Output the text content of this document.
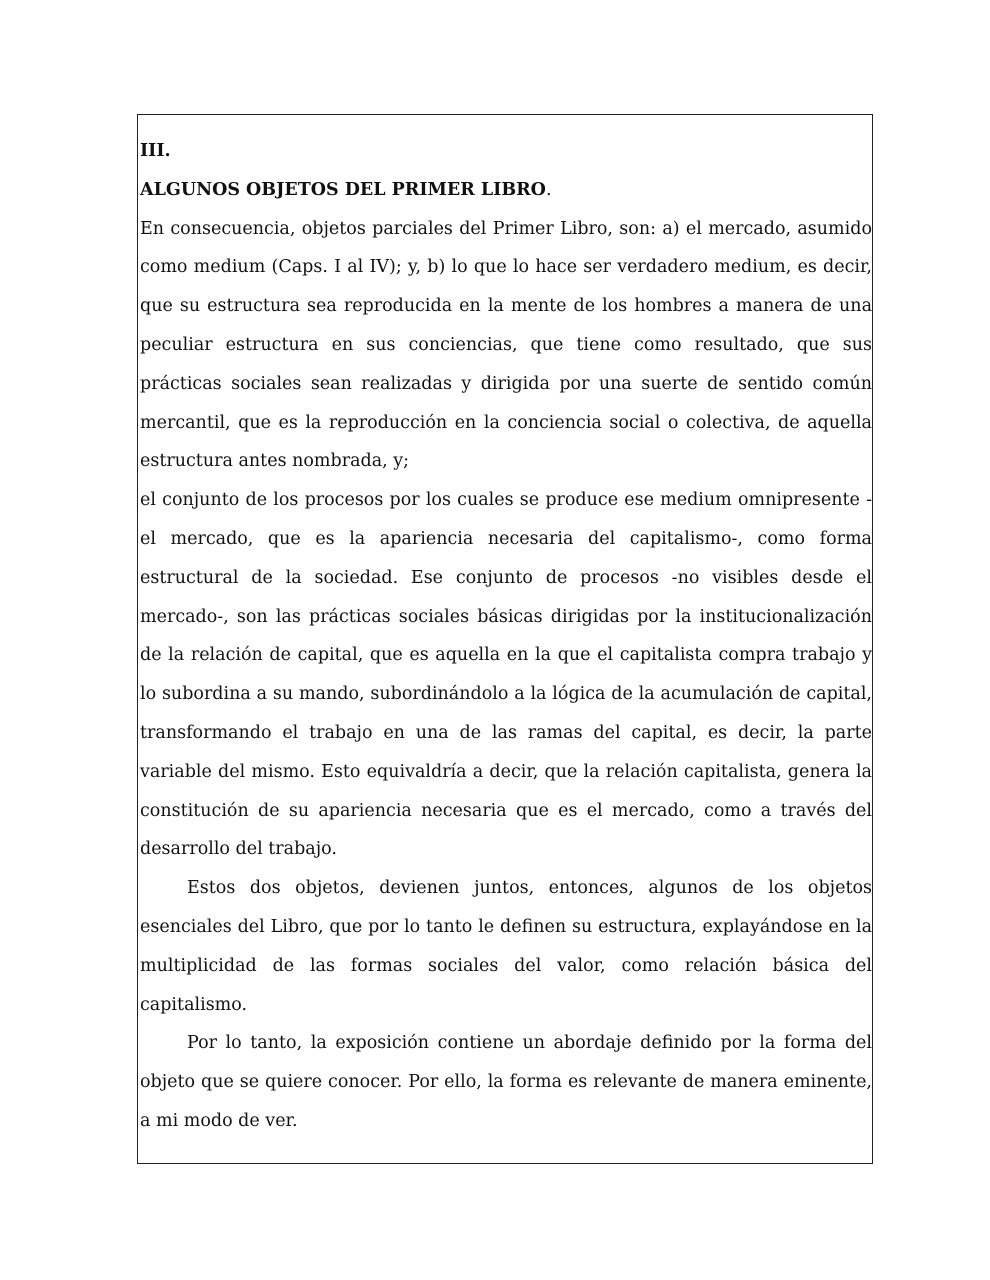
III.

ALGUNOS OBJETOS DEL PRIMER LIBRO.

En consecuencia, objetos parciales del Primer Libro, son: a) el mercado, asumido como medium (Caps. I al IV); y, b) lo que lo hace ser verdadero medium, es decir, que su estructura sea reproducida en la mente de los hombres a manera de una peculiar estructura en sus conciencias, que tiene como resultado, que sus prácticas sociales sean realizadas y dirigida por una suerte de sentido común mercantil, que es la reproducción en la conciencia social o colectiva, de aquella estructura antes nombrada, y;

el conjunto de los procesos por los cuales se produce ese medium omnipresente -el mercado, que es la apariencia necesaria del capitalismo-, como forma estructural de la sociedad. Ese conjunto de procesos -no visibles desde el mercado-, son las prácticas sociales básicas dirigidas por la institucionalización de la relación de capital, que es aquella en la que el capitalista compra trabajo y lo subordina a su mando, subordinándolo a la lógica de la acumulación de capital, transformando el trabajo en una de las ramas del capital, es decir, la parte variable del mismo. Esto equivaldría a decir, que la relación capitalista, genera la constitución de su apariencia necesaria que es el mercado, como a través del desarrollo del trabajo.

Estos dos objetos, devienen juntos, entonces, algunos de los objetos esenciales del Libro, que por lo tanto le definen su estructura, explayándose en la multiplicidad de las formas sociales del valor, como relación básica del capitalismo.

Por lo tanto, la exposición contiene un abordaje definido por la forma del objeto que se quiere conocer. Por ello, la forma es relevante de manera eminente, a mi modo de ver.
